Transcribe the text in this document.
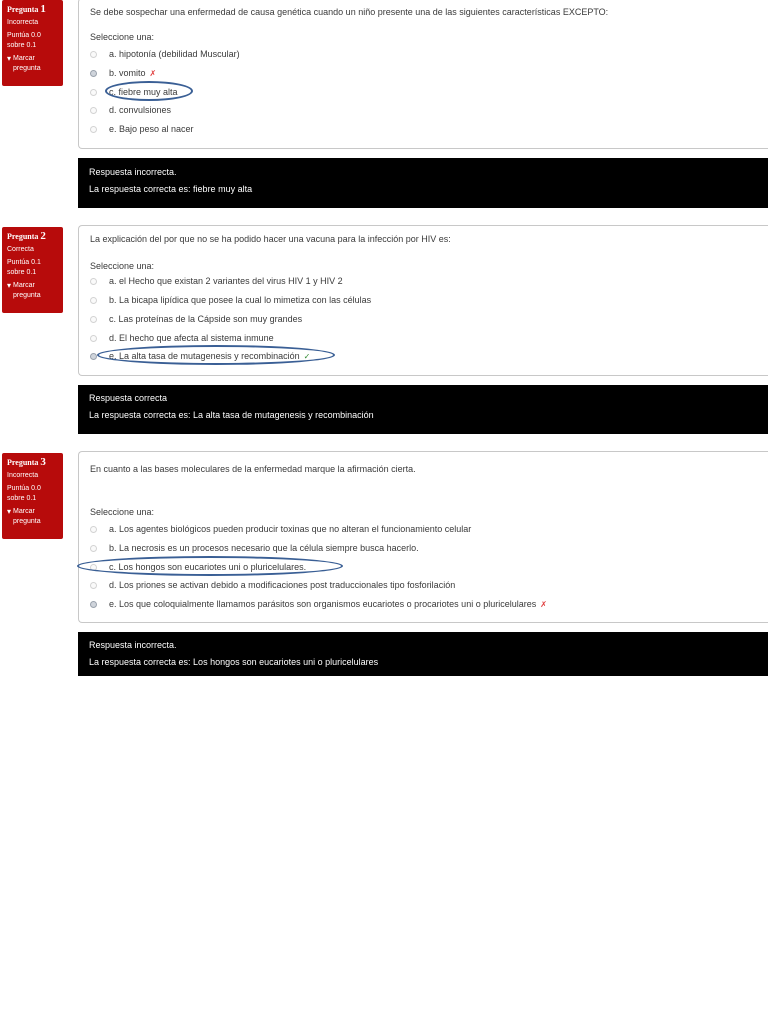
Pregunta 1
Incorrecta
Puntúa 0.0 sobre 0.1
▾ Marcar pregunta
Se debe sospechar una enfermedad de causa genética cuando un niño presente una de las siguientes características EXCEPTO:
Seleccione una:
a. hipotonía (debilidad Muscular)
b. vomito ✗
c. fiebre muy alta
d. convulsiones
e. Bajo peso al nacer
Respuesta incorrecta.
La respuesta correcta es: fiebre muy alta
Pregunta 2
Correcta
Puntúa 0.1 sobre 0.1
▾ Marcar pregunta
La explicación del por que no se ha podido hacer una vacuna para la infección por HIV es:
Seleccione una:
a. el Hecho que existan 2 variantes del virus HIV 1 y HIV 2
b. La bicapa lipídica que posee la cual lo mimetiza con las células
c. Las proteínas de la Cápside son muy grandes
d. El hecho que afecta al sistema inmune
e. La alta tasa de mutagenesis y recombinación ✓
Respuesta correcta
La respuesta correcta es: La alta tasa de mutagenesis y recombinación
Pregunta 3
Incorrecta
Puntúa 0.0 sobre 0.1
▾ Marcar pregunta
En cuanto a las bases moleculares de la enfermedad marque la afirmación cierta.
Seleccione una:
a. Los agentes biológicos pueden producir toxinas que no alteran el funcionamiento celular
b. La necrosis es un procesos necesario que la célula siempre busca hacerlo.
c. Los hongos son eucariotes uni o pluricelulares.
d. Los priones se activan debido a modificaciones post traduccionales tipo fosforilación
e. Los que coloquialmente llamamos parásitos son organismos eucariotes o procariotes uni o pluricelulares ✗
Respuesta incorrecta.
La respuesta correcta es: Los hongos son eucariotes uni o pluricelulares
